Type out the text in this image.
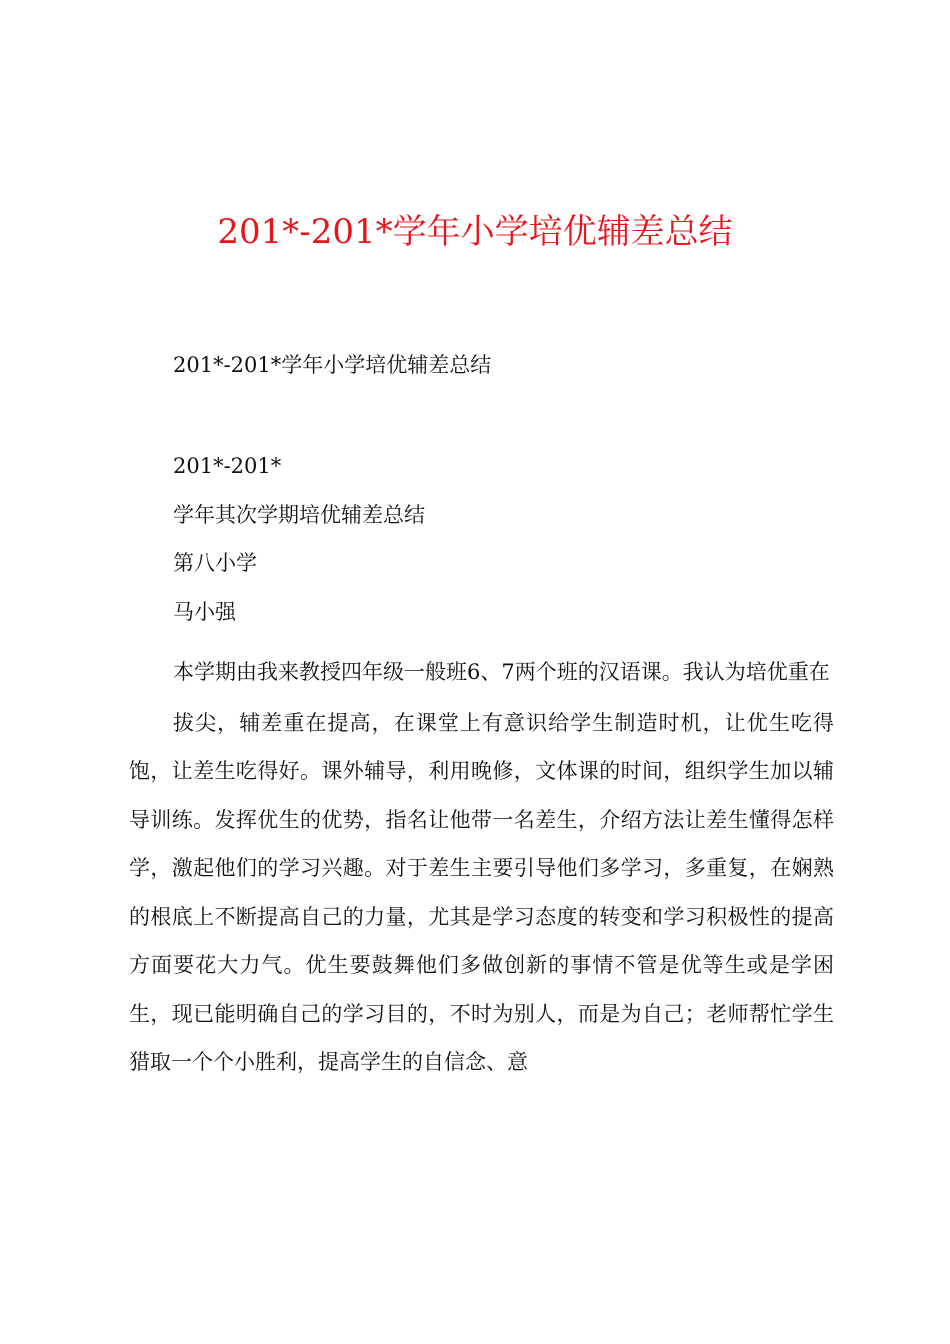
201*-201*学年小学培优辅差总结

201*-201*学年小学培优辅差总结

201*-201*

学年其次学期培优辅差总结

第八小学

马小强

本学期由我来教授四年级一般班6、7两个班的汉语课。我认为培优重在

拔尖，辅差重在提高，在课堂上有意识给学生制造时机，让优生吃得饱，让差生吃得好。课外辅导，利用晚修，文体课的时间，组织学生加以辅导训练。发挥优生的优势，指名让他带一名差生，介绍方法让差生懂得怎样学，激起他们的学习兴趣。对于差生主要引导他们多学习，多重复，在娴熟的根底上不断提高自己的力量，尤其是学习态度的转变和学习积极性的提高方面要花大力气。优生要鼓舞他们多做创新的事情不管是优等生或是学困生，现已能明确自己的学习目的，不时为别人，而是为自己；老师帮忙学生猎取一个个小胜利，提高学生的自信念、意
